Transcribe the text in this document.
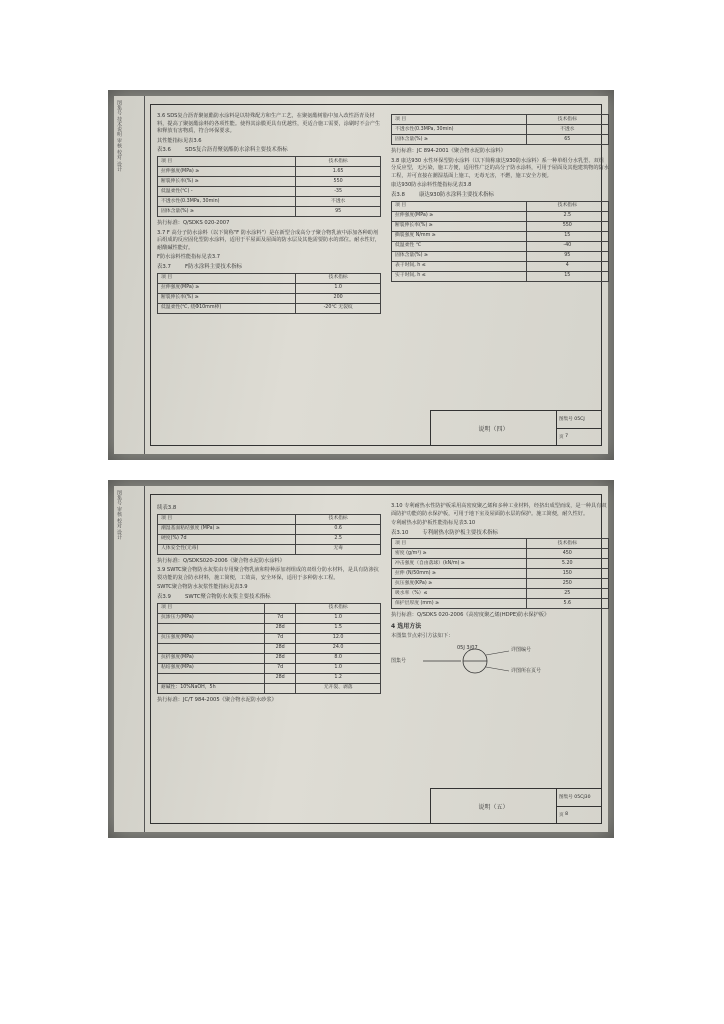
图集号 技术说明 审核 校对 设计	3.6 SDS复合沥青聚氨酯防水涂料是以特殊配方和生产工艺，在聚氨酯树脂中加入改性沥青及材料，提高了聚氨酯涂料的各项性能。使得其涂膜更具有优越性，更适合施工需要，涂刷时不会产生和释放有害物质，符合环保要求。

其性能指标见表3.6

表3.6	SDS复合沥青聚氨酯防水涂料主要技术指标
项 目	技术指标
拉伸强度(MPa) ≥	1.65
断裂伸长率(%) ≥	550
低温柔性(℃) -	-35
不透水性(0.3MPa, 30min)	不透水
固体含量(%) ≥	95

执行标准：Q/SDKS 020-2007

3.7 F 高分子防水涂料（以下简称"F 防水涂料"）是在新型合成高分子聚合物乳液中添加各种助剂后组成的反应固化型防水涂料，适用于平屋面及屋面的防水层及其他需要防水的部位。耐水性好，耐酸碱性能好。

F防水涂料性能指标见表3.7

表3.7	F防水涂料主要技术指标
项 目	技术指标
拉伸强度(MPa) ≥	1.0
断裂伸长率(%) ≥	200
低温柔性(℃, 绕Φ10mm棒)	-20℃ 无裂纹
项 目	技术指标
不透水性(0.3MPa, 30min)	不透水
固体含量(%) ≥	65

执行标准：JC 894-2001《聚合物水泥防水涂料》

3.8 康达930 水性环保型防水涂料（以下简称康达930防水涂料）系一种单组分水乳型、双组分反应型，无污染，施工方便，适用性广泛的高分子防水涂料，可用于屋面及其他建筑物的防水工程，并可直接在潮湿基面上施工，无毒无害，不燃，施工安全方便。

康达930防水涂料性能指标见表3.8

表3.8	康达930防水涂料主要技术指标
项 目	技术指标
拉伸强度(MPa) ≥	2.5
断裂伸长率(%) ≥	550
撕裂强度 N/mm ≥	15
低温柔性 ℃	-40
固体含量(%) ≥	95
表干时间, h ≤	4
实干时间, h ≤	15
说明（四）
图集号
05CJ
页
7
图集号 审核 校对 设计	续表3.8
项 目	技术指标
潮湿基面粘结强度 (MPa) ≥	0.6
硬度(%) 7d	2.5
人体安全性(无毒)	无毒

执行标准：Q/SDKS020-2006《聚合物水泥防水涂料》

3.9 SWTC聚合物防水灰浆由专用聚合物乳液和特种添加剂组成的双组分防水材料，是具有防渗抗裂功能的复合防水材料，施工简便，工效高，安全环保，适用于多种防水工程。

SWTC聚合物防水灰浆性能指标见表3.9

表3.9	SWTC聚合物防水灰浆主要技术指标
项 目		技术指标
抗渗压力(MPa)	7d	1.0
	28d	1.5
抗压强度(MPa)	7d	12.0
	28d	24.0
抗折强度(MPa)	28d	8.0
粘结强度(MPa)	7d	1.0
	28d	1.2
耐碱性：10%NaOH，5h		无开裂、剥落

执行标准：JC/T 984-2005《聚合物水泥防水砂浆》

3.10 专利耐热水性防护板采用高密度聚乙烯和多种工业材料，经挤出成型而成，是一种具有双面防护功能的防水保护板，可用于地下室及屋面防水层的保护。施工简便，耐久性好。

专利耐热水防护板性能指标见表3.10

表3.10	专利耐热水防护板主要技术指标
项 目	技术指标
密度 (g/m³) ≥	450
冲击强度（自由落球）(kN/m) ≥	5.20
拉伸 (N/50mm) ≥	150
抗压强度(KPa) ≥	250
吸水率（%）≤	25
保护层厚度 (mm) ≥	5.6

执行标准：Q/SDKS 020-2006《高密度聚乙烯(HDPE)防水保护板》

4 选用方法

本图集节点索引方法如下：

图集号
05J 3/07	详图编号
详图所在页号
说明（五）
图集号
05CJ30
页
8
